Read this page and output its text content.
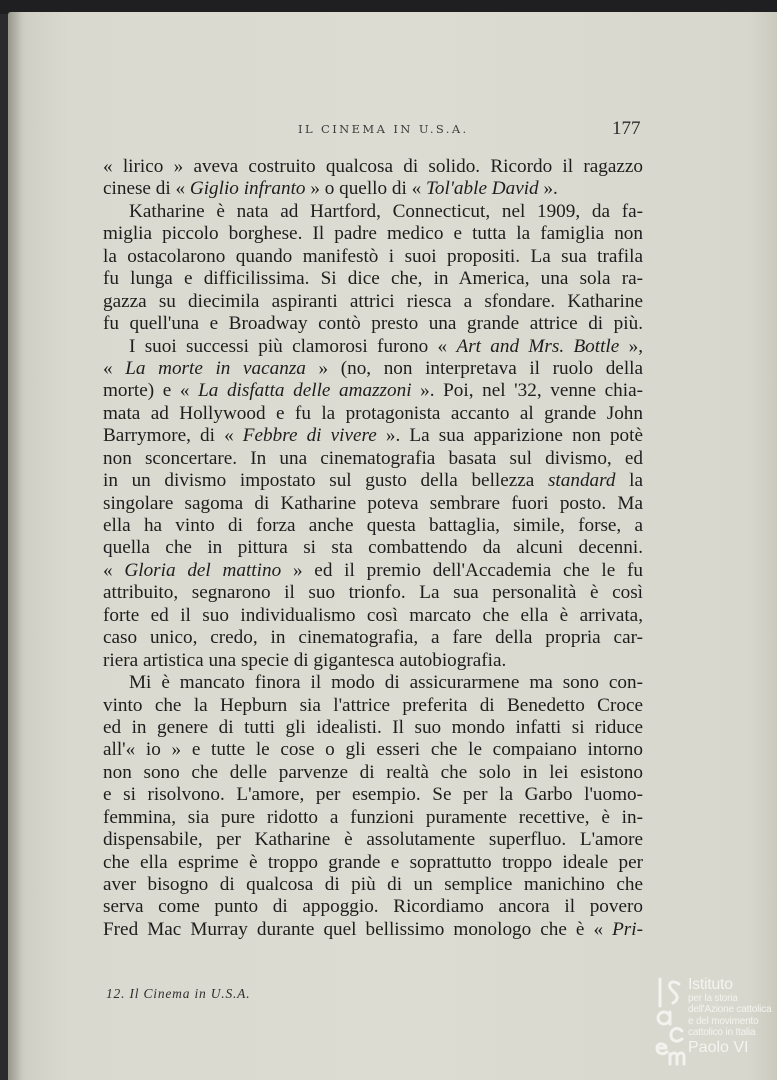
IL CINEMA IN U.S.A.	177
« lirico » aveva costruito qualcosa di solido. Ricordo il ragazzo
cinese di « Giglio infranto » o quello di « Tol'able David ».
Katharine è nata ad Hartford, Connecticut, nel 1909, da fa-
miglia piccolo borghese. Il padre medico e tutta la famiglia non
la ostacolarono quando manifestò i suoi propositi. La sua trafila
fu lunga e difficilissima. Si dice che, in America, una sola ra-
gazza su diecimila aspiranti attrici riesca a sfondare. Katharine
fu quell'una e Broadway contò presto una grande attrice di più.
I suoi successi più clamorosi furono « Art and Mrs. Bottle »,
« La morte in vacanza » (no, non interpretava il ruolo della
morte) e « La disfatta delle amazzoni ». Poi, nel '32, venne chia-
mata ad Hollywood e fu la protagonista accanto al grande John
Barrymore, di « Febbre di vivere ». La sua apparizione non potè
non sconcertare. In una cinematografia basata sul divismo, ed
in un divismo impostato sul gusto della bellezza standard la
singolare sagoma di Katharine poteva sembrare fuori posto. Ma
ella ha vinto di forza anche questa battaglia, simile, forse, a
quella che in pittura si sta combattendo da alcuni decenni.
« Gloria del mattino » ed il premio dell'Accademia che le fu
attribuito, segnarono il suo trionfo. La sua personalità è così
forte ed il suo individualismo così marcato che ella è arrivata,
caso unico, credo, in cinematografia, a fare della propria car-
riera artistica una specie di gigantesca autobiografia.
Mi è mancato finora il modo di assicurarmene ma sono con-
vinto che la Hepburn sia l'attrice preferita di Benedetto Croce
ed in genere di tutti gli idealisti. Il suo mondo infatti si riduce
all'« io » e tutte le cose o gli esseri che le compaiano intorno
non sono che delle parvenze di realtà che solo in lei esistono
e si risolvono. L'amore, per esempio. Se per la Garbo l'uomo-
femmina, sia pure ridotto a funzioni puramente recettive, è in-
dispensabile, per Katharine è assolutamente superfluo. L'amore
che ella esprime è troppo grande e soprattutto troppo ideale per
aver bisogno di qualcosa di più di un semplice manichino che
serva come punto di appoggio. Ricordiamo ancora il povero
Fred Mac Murray durante quel bellissimo monologo che è « Pri-
12. Il Cinema in U.S.A.
Istituto
per la storia
dell'Azione cattolica
e del movimento
cattolico in Italia
Paolo VI
